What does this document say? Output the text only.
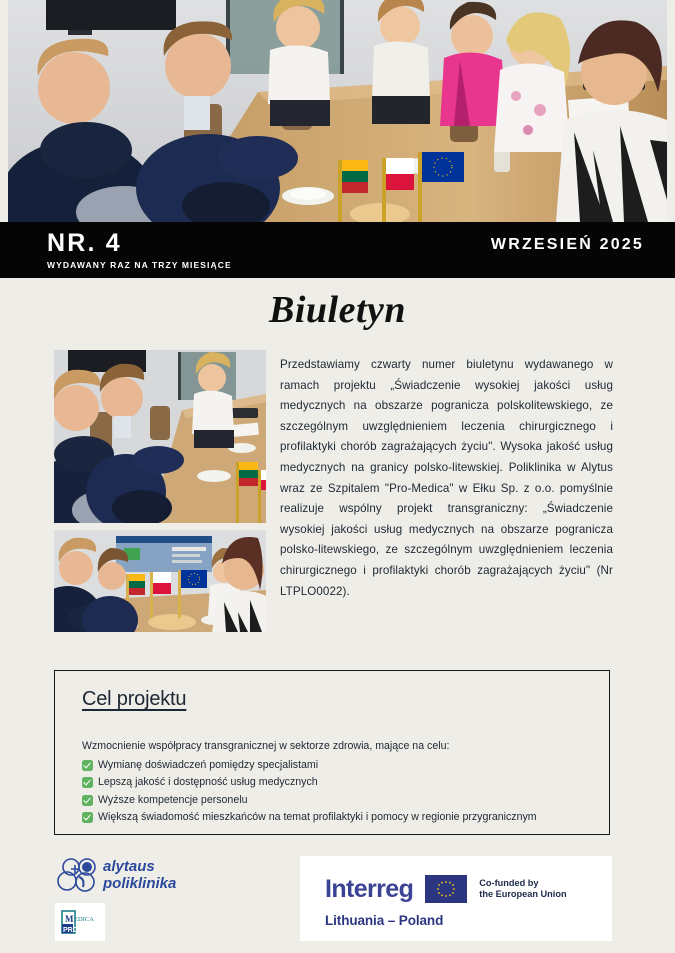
NR. 4
WYDAWANY RAZ NA TRZY MIESIĄCE
WRZESIEŃ 2025
Biuletyn
Przedstawiamy czwarty numer biuletynu wydawanego w ramach projektu „Świadczenie wysokiej jakości usług medycznych na obszarze pogranicza polskolitewskiego, ze szczególnym uwzględnieniem leczenia chirurgicznego i profilaktyki chorób zagrażających życiu". Wysoka jakość usług medycznych na granicy polsko-litewskiej. Poliklinika w Alytus wraz ze Szpitalem "Pro-Medica" w Ełku Sp. z o.o. pomyślnie realizuje wspólny projekt transgraniczny: „Świadczenie wysokiej jakości usług medycznych na obszarze pogranicza polsko-litewskiego, ze szczególnym uwzględnieniem leczenia chirurgicznego i profilaktyki chorób zagrażających życiu" (Nr LTPLO0022).
Cel projektu

Wzmocnienie współpracy transgranicznej w sektorze zdrowia, mające na celu:

Wymianę doświadczeń pomiędzy specjalistami
Lepszą jakość i dostępność usług medycznych
Wyższe kompetencje personelu
Większą świadomość mieszkańców na temat profilaktyki i pomocy w regionie przygranicznym
alytaus
poliklinika
M EDICA
PRO
Interreg	Co-funded by
the European Union
Lithuania – Poland
